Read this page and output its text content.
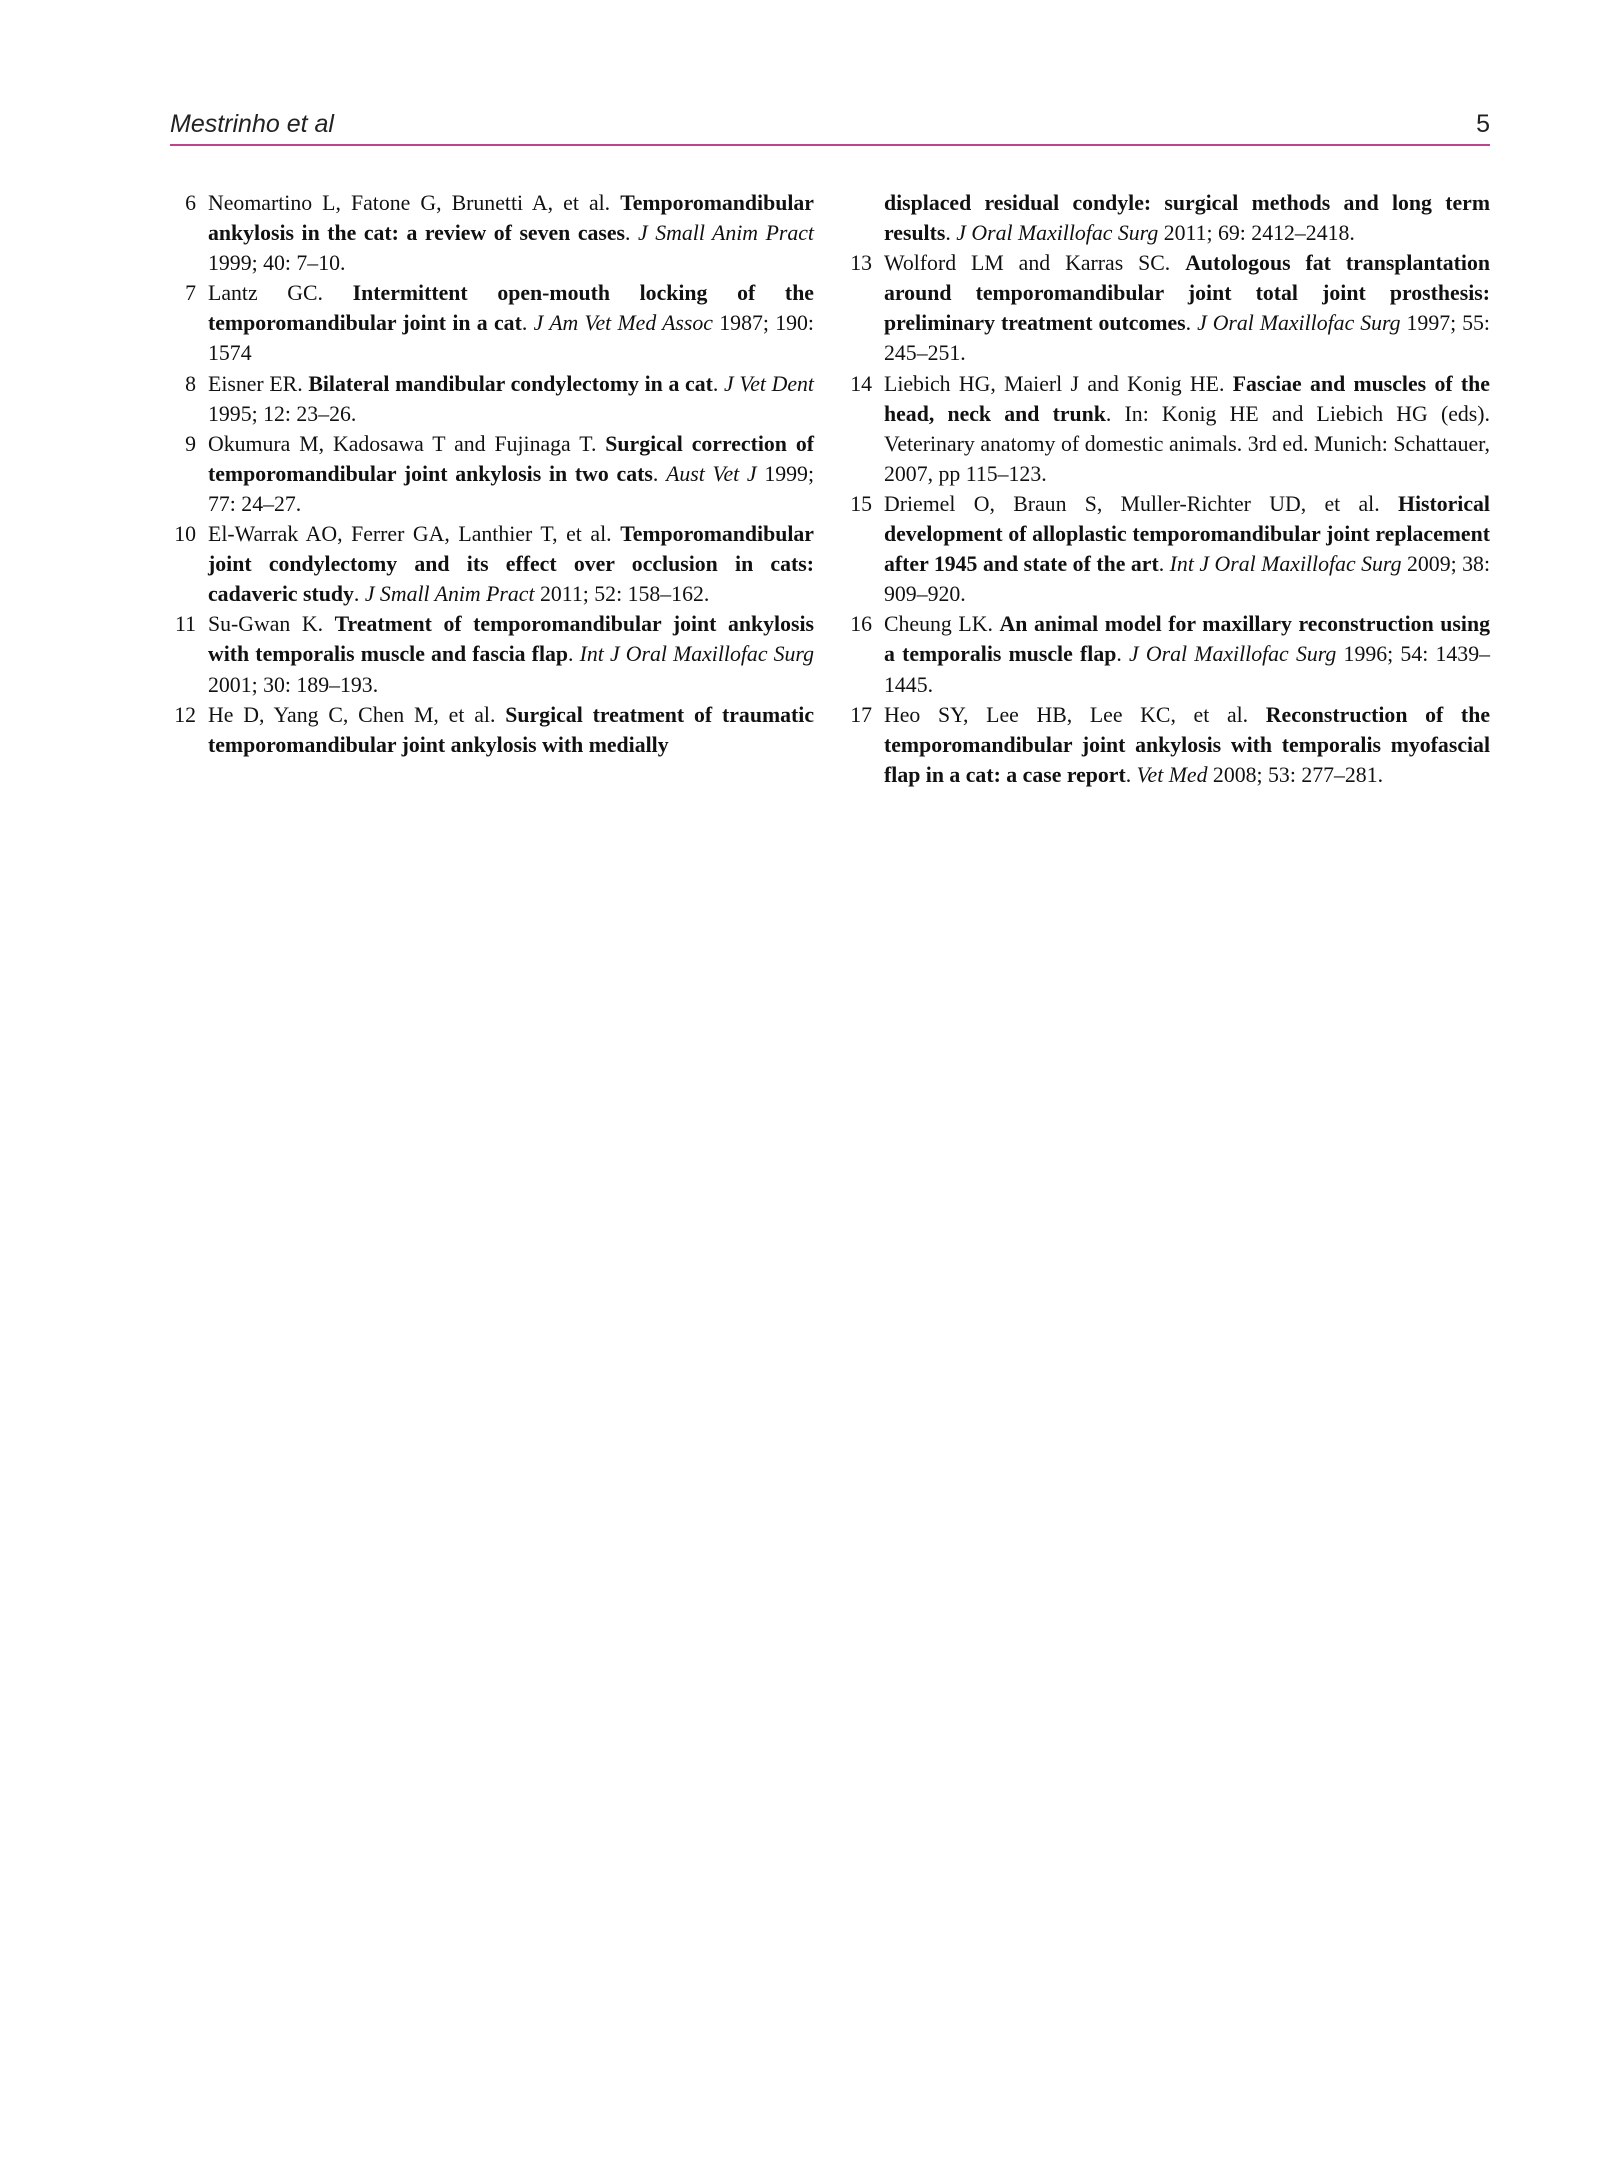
Mestrinho et al	5
6 Neomartino L, Fatone G, Brunetti A, et al. Temporomandibular ankylosis in the cat: a review of seven cases. J Small Anim Pract 1999; 40: 7–10.
7 Lantz GC. Intermittent open-mouth locking of the temporomandibular joint in a cat. J Am Vet Med Assoc 1987; 190: 1574
8 Eisner ER. Bilateral mandibular condylectomy in a cat. J Vet Dent 1995; 12: 23–26.
9 Okumura M, Kadosawa T and Fujinaga T. Surgical correction of temporomandibular joint ankylosis in two cats. Aust Vet J 1999; 77: 24–27.
10 El-Warrak AO, Ferrer GA, Lanthier T, et al. Temporomandibular joint condylectomy and its effect over occlusion in cats: cadaveric study. J Small Anim Pract 2011; 52: 158–162.
11 Su-Gwan K. Treatment of temporomandibular joint ankylosis with temporalis muscle and fascia flap. Int J Oral Maxillofac Surg 2001; 30: 189–193.
12 He D, Yang C, Chen M, et al. Surgical treatment of traumatic temporomandibular joint ankylosis with medially
displaced residual condyle: surgical methods and long term results. J Oral Maxillofac Surg 2011; 69: 2412–2418.
13 Wolford LM and Karras SC. Autologous fat transplantation around temporomandibular joint total joint prosthesis: preliminary treatment outcomes. J Oral Maxillofac Surg 1997; 55: 245–251.
14 Liebich HG, Maierl J and Konig HE. Fasciae and muscles of the head, neck and trunk. In: Konig HE and Liebich HG (eds). Veterinary anatomy of domestic animals. 3rd ed. Munich: Schattauer, 2007, pp 115–123.
15 Driemel O, Braun S, Muller-Richter UD, et al. Historical development of alloplastic temporomandibular joint replacement after 1945 and state of the art. Int J Oral Maxillofac Surg 2009; 38: 909–920.
16 Cheung LK. An animal model for maxillary reconstruction using a temporalis muscle flap. J Oral Maxillofac Surg 1996; 54: 1439–1445.
17 Heo SY, Lee HB, Lee KC, et al. Reconstruction of the temporomandibular joint ankylosis with temporalis myofascial flap in a cat: a case report. Vet Med 2008; 53: 277–281.
